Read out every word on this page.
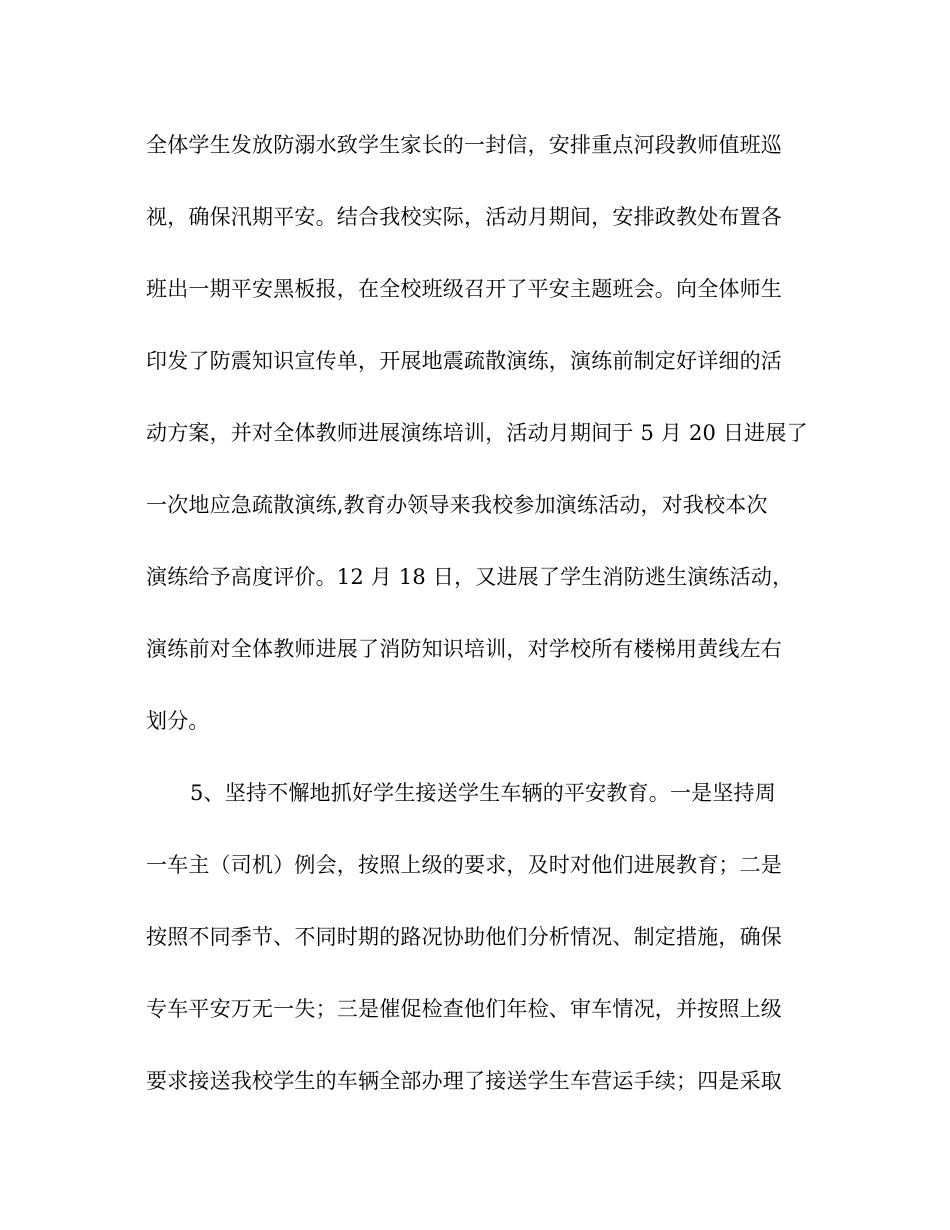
全体学生发放防溺水致学生家长的一封信，安排重点河段教师值班巡
视，确保汛期平安。结合我校实际，活动月期间，安排政教处布置各
班出一期平安黑板报，在全校班级召开了平安主题班会。向全体师生
印发了防震知识宣传单，开展地震疏散演练，演练前制定好详细的活
动方案，并对全体教师进展演练培训，活动月期间于 5 月 20 日进展了
一次地应急疏散演练,教育办领导来我校参加演练活动，对我校本次
演练给予高度评价。12 月 18 日，又进展了学生消防逃生演练活动，
演练前对全体教师进展了消防知识培训，对学校所有楼梯用黄线左右
划分。
5、坚持不懈地抓好学生接送学生车辆的平安教育。一是坚持周
一车主（司机）例会，按照上级的要求，及时对他们进展教育；二是
按照不同季节、不同时期的路况协助他们分析情况、制定措施，确保
专车平安万无一失；三是催促检查他们年检、审车情况，并按照上级
要求接送我校学生的车辆全部办理了接送学生车营运手续；四是采取
